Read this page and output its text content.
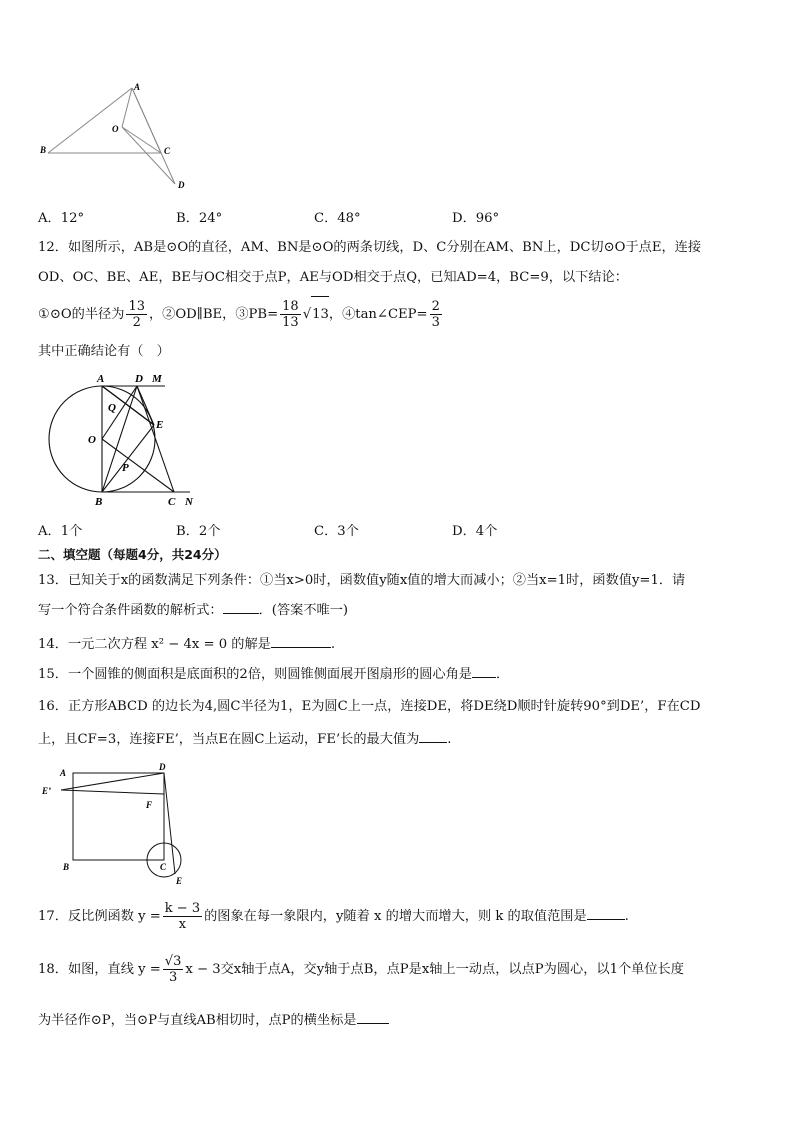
A
O
B	C
D
A．12°	B．24°	C．48°	D．96°
12．如图所示，AB是⊙O的直径，AM、BN是⊙O的两条切线，D、C分别在AM、BN上，DC切⊙O于点E，连接
OD、OC、BE、AE，BE与OC相交于点P，AE与OD相交于点Q，已知AD=4，BC=9，以下结论：
①⊙O的半径为 $\frac{13}{2}$ ，②OD∥BE，③PB= $\frac{18}{13} √13$，④tan∠CEP= $\frac{2}{3}$
其中正确结论有（　）
A	D M
Q
E
O
P
B	C N
A．1个	B．2个	C．3个	D．4个
二、填空题（每题4分，共24分）
13．已知关于x的函数满足下列条件：①当x>0时，函数值y随x值的增大而减小；②当x=1时，函数值y=1．请
写一个符合条件函数的解析式：	．(答案不唯一)
14．一元二次方程 x² − 4x = 0 的解是	.
15．一个圆锥的侧面积是底面积的2倍，则圆锥侧面展开图扇形的圆心角是 ．
16．正方形ABCD 的边长为4,圆C半径为1，E为圆C上一点，连接DE，将DE绕D顺时针旋转90°到DE’，F在CD
上，且CF=3，连接FE’，当点E在圆C上运动，FE’长的最大值为 .
A
D
E’
F
B	C
E
17．反比例函数 $y = \frac{k - 3}{x}$ 的图象在每一象限内，y随着 x 的增大而增大，则 k 的取值范围是	.
18．如图，直线 $y = \frac{√3}{3}$ x − 3交x轴于点A，交y轴于点B，点P是x轴上一动点，以点P为圆心，以1个单位长度
为半径作⊙P，当⊙P与直线AB相切时，点P的横坐标是
